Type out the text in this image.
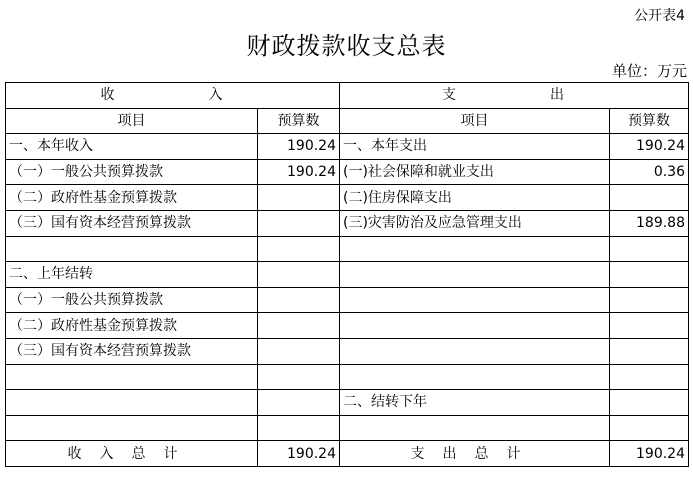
公开表4
财政拨款收支总表
单位：万元
收　　入		支　　出	
项目	预算数	项目	预算数
一、本年收入	190.24	一、本年支出	190.24
（一）一般公共预算拨款	190.24	(一)社会保障和就业支出	0.36
（二）政府性基金预算拨款		(二)住房保障支出	
（三）国有资本经营预算拨款		(三)灾害防治及应急管理支出	189.88

二、上年结转			
（一）一般公共预算拨款			
（二）政府性基金预算拨款			
（三）国有资本经营预算拨款			

		二、结转下年	

收入总计	190.24	支出总计	190.24
